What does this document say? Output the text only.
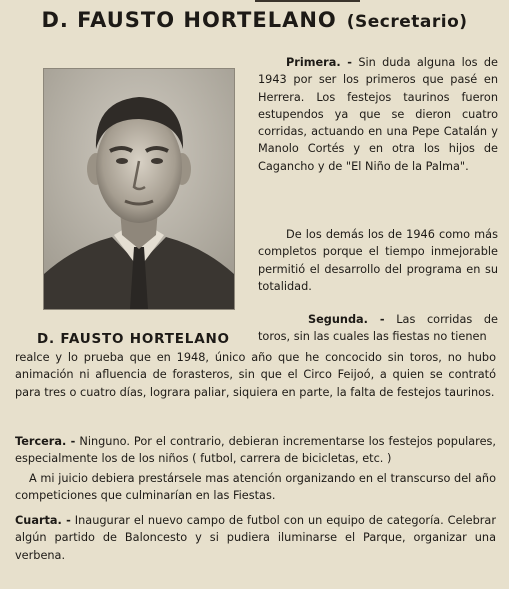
D. FAUSTO HORTELANO (Secretario)
D. FAUSTO HORTELANO
Primera. - Sin duda alguna los de 1943 por ser los primeros que pasé en Herrera. Los festejos taurinos fueron estupendos ya que se dieron cuatro corridas, actuando en una Pepe Catalán y Manolo Cortés y en otra los hijos de Cagancho y de "El Niño de la Palma".
De los demás los de 1946 como más completos porque el tiempo inmejorable permitió el desarrollo del programa en su totalidad.
Segunda. - Las corridas de toros, sin las cuales las fiestas no tienen
realce y lo prueba que en 1948, único año que he concocido sin toros, no hubo animación ni afluencia de forasteros, sin que el Circo Feijoó, a quien se contrató para tres o cuatro días, lograra paliar, siquiera en parte, la falta de festejos taurinos.
Tercera. - Ninguno. Por el contrario, debieran incrementarse los festejos populares, especialmente los de los niños ( futbol, carrera de bicicletas, etc. )
A mi juicio debiera prestársele mas atención organizando en el transcurso del año competiciones que culminarían en las Fiestas.
Cuarta. - Inaugurar el nuevo campo de futbol con un equipo de categoría. Celebrar algún partido de Baloncesto y si pudiera iluminarse el Parque, organizar una verbena.
